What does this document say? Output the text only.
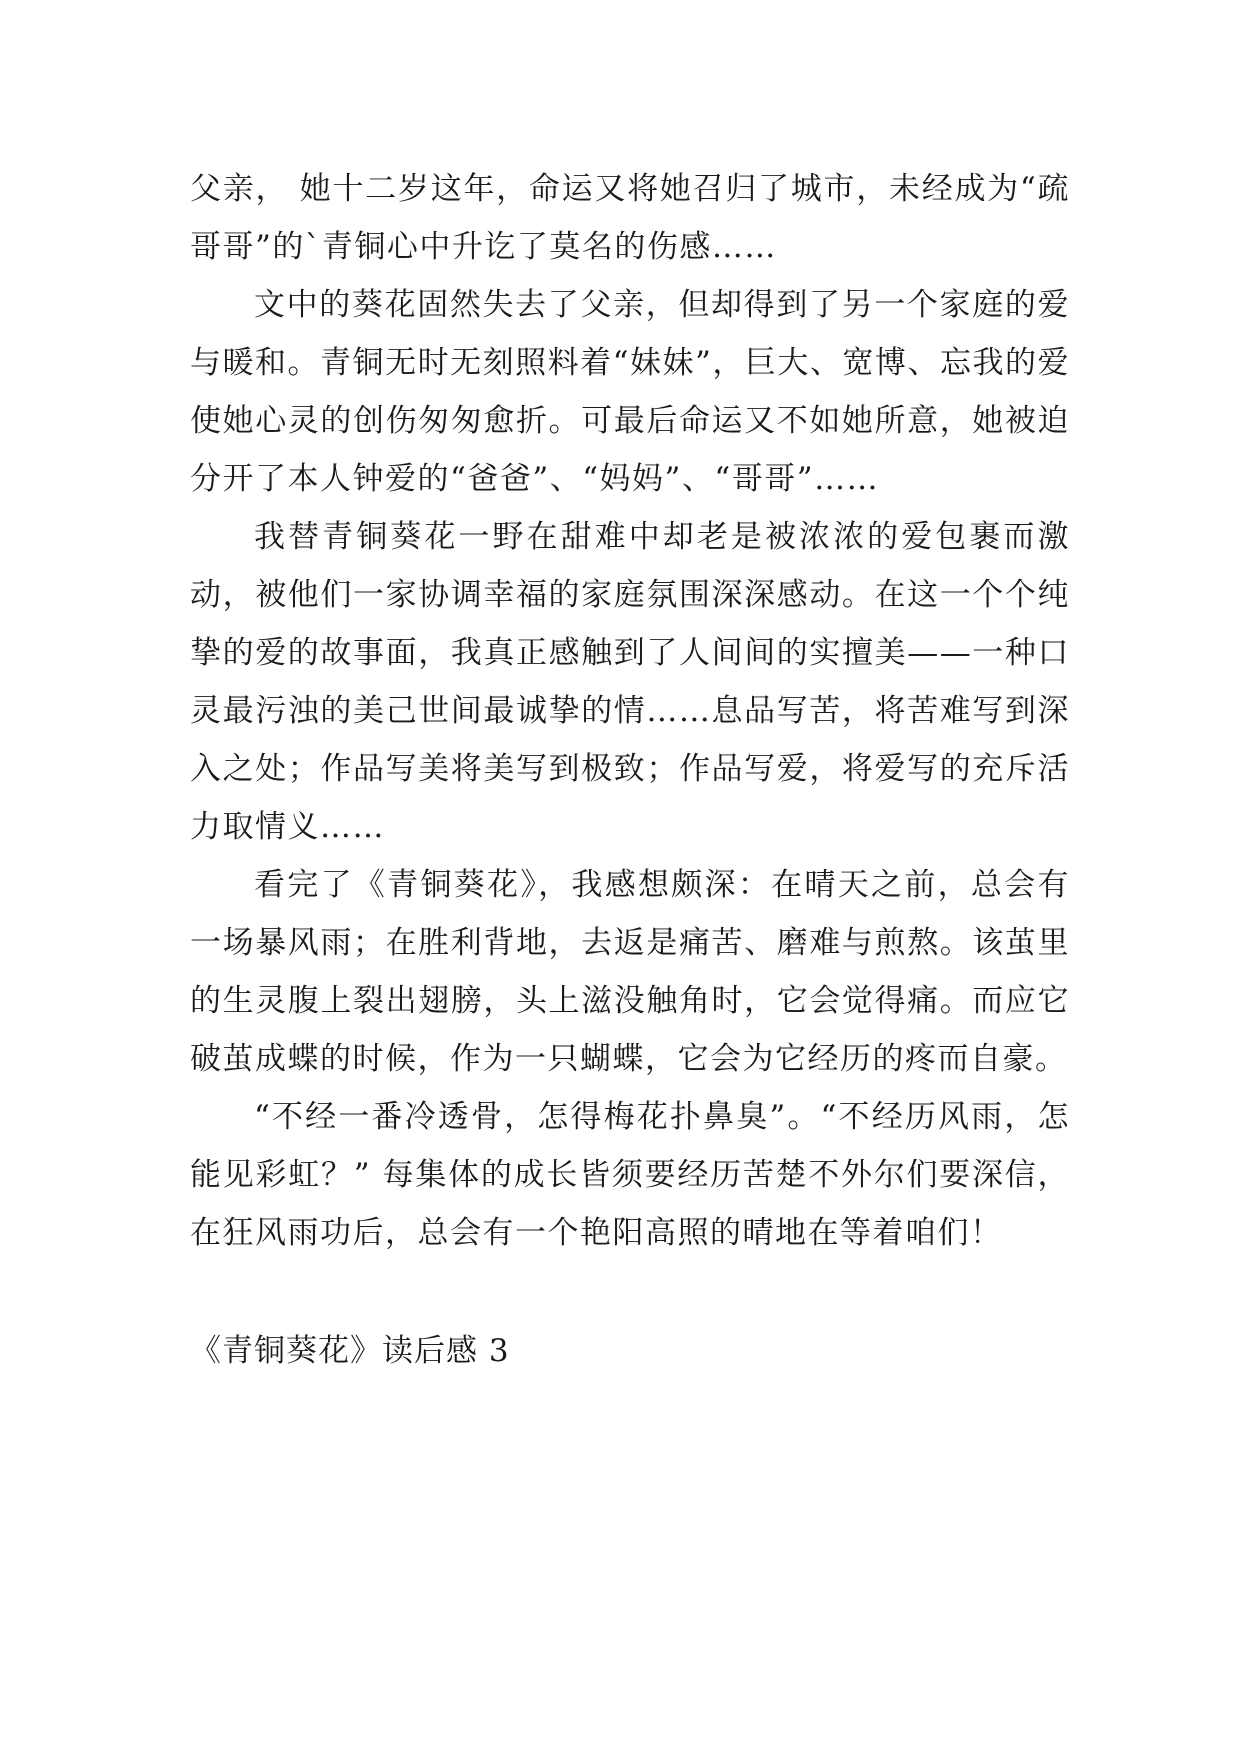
父亲， 她十二岁这年，命运又将她召归了城市，未经成为“疏哥哥”的`青铜心中升讫了莫名的伤感……

文中的葵花固然失去了父亲，但却得到了另一个家庭的爱与暖和。青铜无时无刻照料着“妹妹”，巨大、宽博、忘我的爱使她心灵的创伤匆匆愈折。可最后命运又不如她所意，她被迫分开了本人钟爱的“爸爸”、“妈妈”、“哥哥”……

我替青铜葵花一野在甜难中却老是被浓浓的爱包裹而激动，被他们一家协调幸福的家庭氛围深深感动。在这一个个纯挚的爱的故事面，我真正感触到了人间间的实擅美——一种口灵最污浊的美己世间最诚挚的情……息品写苦，将苦难写到深入之处；作品写美将美写到极致；作品写爱，将爱写的充斥活力取情义……

看完了《青铜葵花》，我感想颇深：在晴天之前，总会有一场暴风雨；在胜利背地，去返是痛苦、磨难与煎熬。该茧里的生灵腹上裂出翅膀，头上滋没触角时，它会觉得痛。而应它破茧成蝶的时候，作为一只蝴蝶，它会为它经历的疼而自豪。

“不经一番冷透骨，怎得梅花扑鼻臭”。“不经历风雨，怎能见彩虹？” 每集体的成长皆须要经历苦楚不外尔们要深信，在狂风雨功后，总会有一个艳阳高照的晴地在等着咱们！

《青铜葵花》读后感 3
